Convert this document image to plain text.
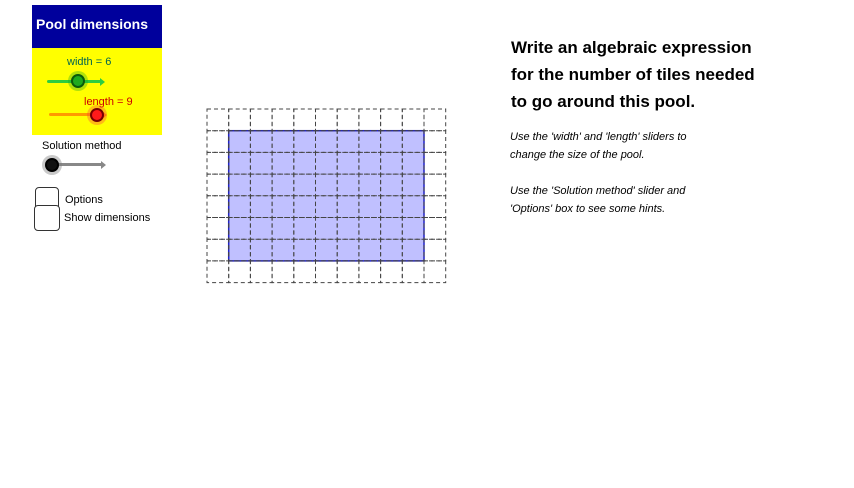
Pool dimensions
width = 6
length = 9
Solution method
Options
Show dimensions
Write an algebraic expression
for the number of tiles needed
to go around this pool.
Use the 'width' and 'length' sliders to
change the size of the pool.
Use the 'Solution method' slider and
'Options' box to see some hints.
